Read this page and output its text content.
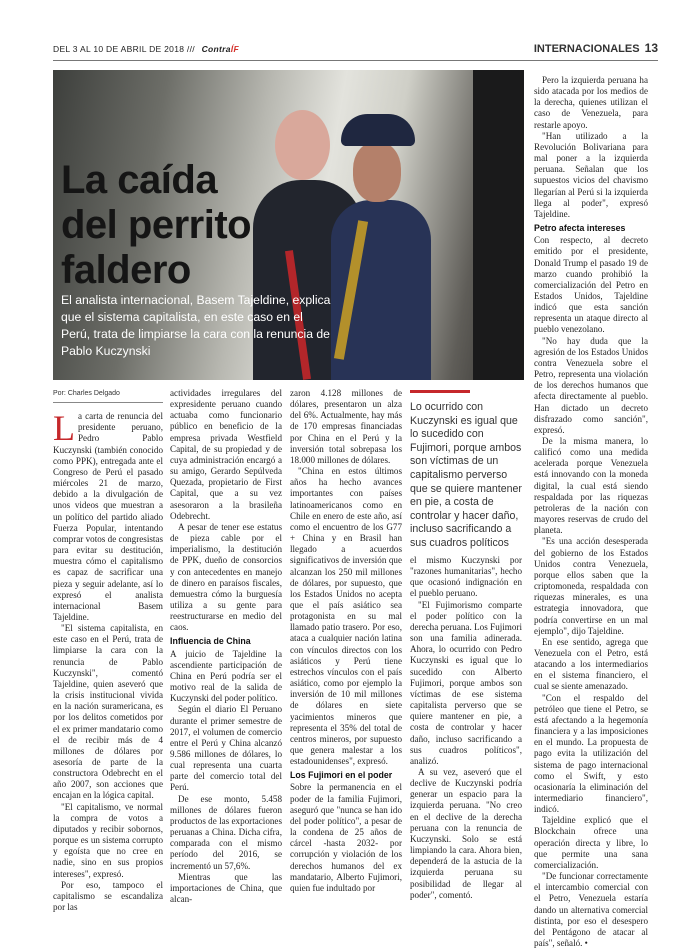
DEL 3 AL 10 DE ABRIL DE 2018 /// ContraÍF	INTERNACIONALES 13
La caída
del perrito
faldero

El analista internacional, Basem Tajeldine, explica que el sistema capitalista, en este caso en el Perú, trata de limpiarse la cara con la renuncia de Pablo Kuczynski

Por: Charles Delgado
L a carta de renuncia del presidente peruano, Pedro Pablo Kuczynski (también conocido como PPK), entregada ante el Congreso de Perú el pasado miércoles 21 de marzo, debido a la divulgación de unos videos que muestran a un político del partido aliado Fuerza Popular, intentando comprar votos de congresistas para evitar su destitución, muestra cómo el capitalismo es capaz de sacrificar una pieza y seguir adelante, así lo expresó el analista internacional Basem Tajeldine.

"El sistema capitalista, en este caso en el Perú, trata de limpiarse la cara con la renuncia de Pablo Kuczynski", comentó Tajeldine, quien aseveró que la crisis institucional vivida en la nación suramericana, es por los delitos cometidos por el ex primer mandatario como el de recibir más de 4 millones de dólares por asesoría de parte de la constructora Odebrecht en el año 2007, son acciones que encajan en la lógica capital.

"El capitalismo, ve normal la compra de votos a diputados y recibir sobornos, porque es un sistema corrupto y egoísta que no cree en nadie, sino en sus propios intereses", expresó.

Por eso, tampoco el capitalismo se escandaliza por las

actividades irregulares del expresidente peruano cuando actuaba como funcionario público en beneficio de la empresa privada Westfield Capital, de su propiedad y de cuya administración encargó a su amigo, Gerardo Sepúlveda Quezada, propietario de First Capital, que a su vez asesoraron a la brasileña Odebrecht.

A pesar de tener ese estatus de pieza cable por el imperialismo, la destitución de PPK, dueño de consorcios y con antecedentes en manejo de dinero en paraísos fiscales, demuestra cómo la burguesía utiliza a su gente para reestructurarse en medio del caos.

Influencia de China

A juicio de Tajeldine la ascendiente participación de China en Perú podría ser el motivo real de la salida de Kuczynski del poder político.

Según el diario El Peruano durante el primer semestre de 2017, el volumen de comercio entre el Perú y China alcanzó 9.586 millones de dólares, lo cual representa una cuarta parte del comercio total del Perú.

De ese monto, 5.458 millones de dólares fueron productos de las exportaciones peruanas a China. Dicha cifra, comparada con el mismo período del 2016, se incrementó un 57,6%.

Mientras que las importaciones de China, que alcan-

zaron 4.128 millones de dólares, presentaron un alza del 6%. Actualmente, hay más de 170 empresas financiadas por China en el Perú y la inversión total sobrepasa los 18.000 millones de dólares.

"China en estos últimos años ha hecho avances importantes con países latinoamericanos como en Chile en enero de este año, así como el encuentro de los G77 + China y en Brasil han llegado a acuerdos significativos de inversión que alcanzan los 250 mil millones de dólares, por supuesto, que los Estados Unidos no acepta que el país asiático sea protagonista en su mal llamado patio trasero. Por eso, ataca a cualquier nación latina con vínculos directos con los asiáticos y Perú tiene estrechos vínculos con el país asiático, como por ejemplo la inversión de 10 mil millones de dólares en siete yacimientos mineros que representa el 35% del total de centros mineros, por supuesto que genera malestar a los estadounidenses", expresó.

Los Fujimori en el poder

Sobre la permanencia en el poder de la familia Fujimori, aseguró que "nunca se han ido del poder político", a pesar de la condena de 25 años de cárcel -hasta 2032- por corrupción y violación de los derechos humanos del ex mandatario, Alberto Fujimori, quien fue indultado por

Lo ocurrido con Kuczynski es igual que lo sucedido con Fujimori, porque ambos son víctimas de un capitalismo perverso que se quiere mantener en pie, a costa de controlar y hacer daño, incluso sacrificando a sus cuadros políticos

el mismo Kuczynski por "razones humanitarias", hecho que ocasionó indignación en el pueblo peruano.

"El Fujimorismo comparte el poder político con la derecha peruana. Los Fujimori son una familia adinerada. Ahora, lo ocurrido con Pedro Kuczynski es igual que lo sucedido con Alberto Fujimori, porque ambos son víctimas de ese sistema capitalista perverso que se quiere mantener en pie, a costa de controlar y hacer daño, incluso sacrificando a sus cuadros políticos", analizó.

A su vez, aseveró que el declive de Kuczynski podría generar un espacio para la izquierda peruana. "No creo en el declive de la derecha peruana con la renuncia de Kuczynski. Solo se está limpiando la cara. Ahora bien, dependerá de la astucia de la izquierda peruana su posibilidad de llegar al poder", comentó.

Pero la izquierda peruana ha sido atacada por los medios de la derecha, quienes utilizan el caso de Venezuela, para restarle apoyo.

"Han utilizado a la Revolución Bolivariana para mal poner a la izquierda peruana. Señalan que los supuestos vicios del chavismo llegarían al Perú si la izquierda llega al poder", expresó Tajeldine.

Petro afecta intereses

Con respecto, al decreto emitido por el presidente, Donald Trump el pasado 19 de marzo cuando prohibió la comercialización del Petro en Estados Unidos, Tajeldine indicó que esta sanción representa un ataque directo al pueblo venezolano.

"No hay duda que la agresión de los Estados Unidos contra Venezuela sobre el Petro, representa una violación de los derechos humanos que afecta directamente al pueblo. Han dictado un decreto disfrazado como sanción", expresó.

De la misma manera, lo calificó como una medida acelerada porque Venezuela está innovando con la moneda digital, la cual está siendo respaldada por las riquezas petroleras de la nación con mayores reservas de crudo del planeta.

"Es una acción desesperada del gobierno de los Estados Unidos contra Venezuela, porque ellos saben que la criptomoneda, respaldada con riquezas minerales, es una estrategia innovadora, que podría convertirse en un mal ejemplo", dijo Tajeldine.

En ese sentido, agrega que Venezuela con el Petro, está atacando a los intermediarios en el sistema financiero, el cual se siente amenazado.

"Con el respaldo del petróleo que tiene el Petro, se está afectando a la hegemonía financiera y a las imposiciones en el mundo. La propuesta de pago evita la utilización del sistema de pago internacional como el Swift, y esto ocasionaría la eliminación del intermediario financiero", indicó.

Tajeldine explicó que el Blockchain ofrece una operación directa y libre, lo que permite una sana comercialización.

"De funcionar correctamente el intercambio comercial con el Petro, Venezuela estaría dando un alternativa comercial distinta, por eso el desespero del Pentágono de atacar al país", señaló. •
